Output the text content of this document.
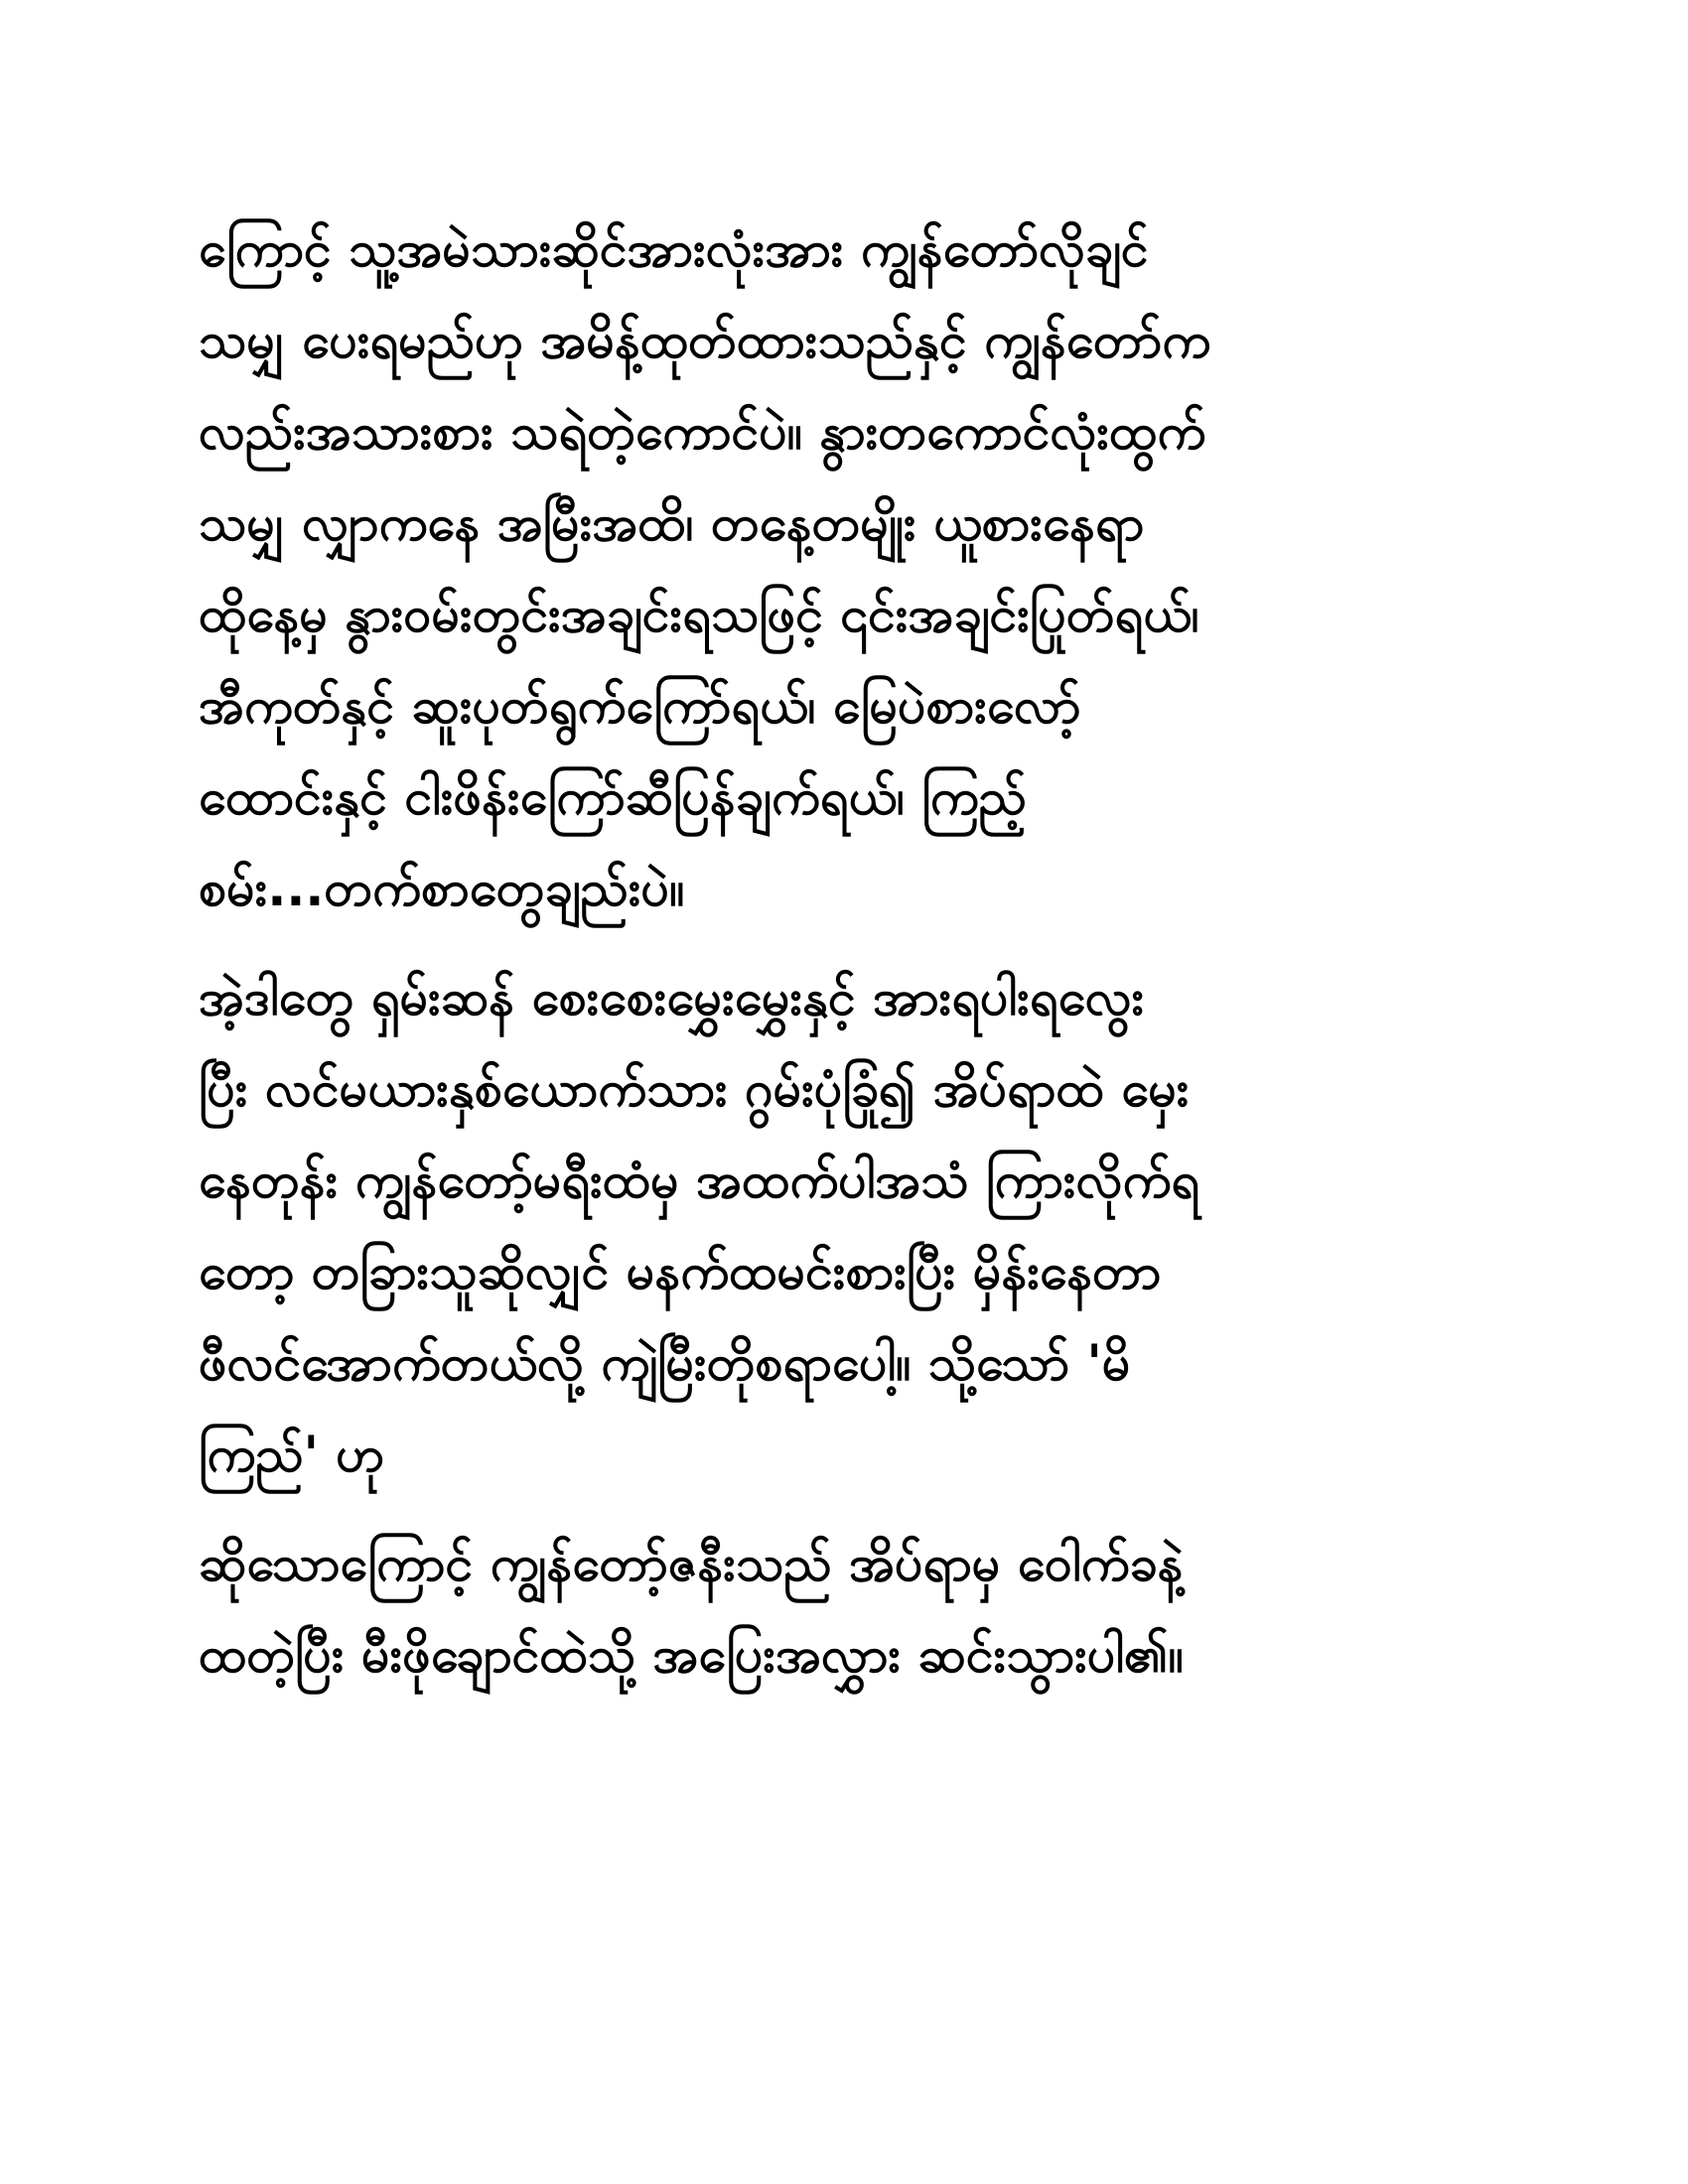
ကြောင့် သူ့အမဲသားဆိုင်အားလုံးအား ကျွန်တော်လိုချင်
သမျှ ပေးရမည်ဟု အမိန့်ထုတ်ထားသည်နှင့် ကျွန်တော်က
လည်းအသားစား သရဲတဲ့ကောင်ပဲ။ နွားတကောင်လုံးထွက်
သမျှ လျှာကနေ အမြီးအထိ၊ တနေ့တမျိုး ယူစားနေရာ
ထိုနေ့မှ နွားဝမ်းတွင်းအချင်းရသဖြင့် ၎င်းအချင်းပြုတ်ရယ်၊
အီကုတ်နှင့် ဆူးပုတ်ရွက်ကြော်ရယ်၊ မြေပဲစားလော့်
ထောင်းနှင့် ငါးဖိန်းကြော်ဆီပြန်ချက်ရယ်၊ ကြည့်
စမ်း...တက်စာတွေချည်းပဲ။
အဲ့ဒါတွေ ရှမ်းဆန် စေးစေးမွှေးမွှေးနှင့် အားရပါးရလွေး
ပြီး လင်မယားနှစ်ယောက်သား ဂွမ်းပုံခြုံ၍ အိပ်ရာထဲ မှေး
နေတုန်း ကျွန်တော့်မရီးထံမှ အထက်ပါအသံ ကြားလိုက်ရ
တော့ တခြားသူဆိုလျှင် မနက်ထမင်းစားပြီး မှိန်းနေတာ
ဖီလင်အောက်တယ်လို့ ကျဲမြီးတိုစရာပေါ့။ သို့သော် 'မိ
ကြည်' ဟု
ဆိုသောကြောင့် ကျွန်တော့်ဇနီးသည် အိပ်ရာမှ ဝေါက်ခနဲ့
ထတဲ့ပြီး မီးဖိုချောင်ထဲသို့ အပြေးအလွှား ဆင်းသွားပါ၏။
